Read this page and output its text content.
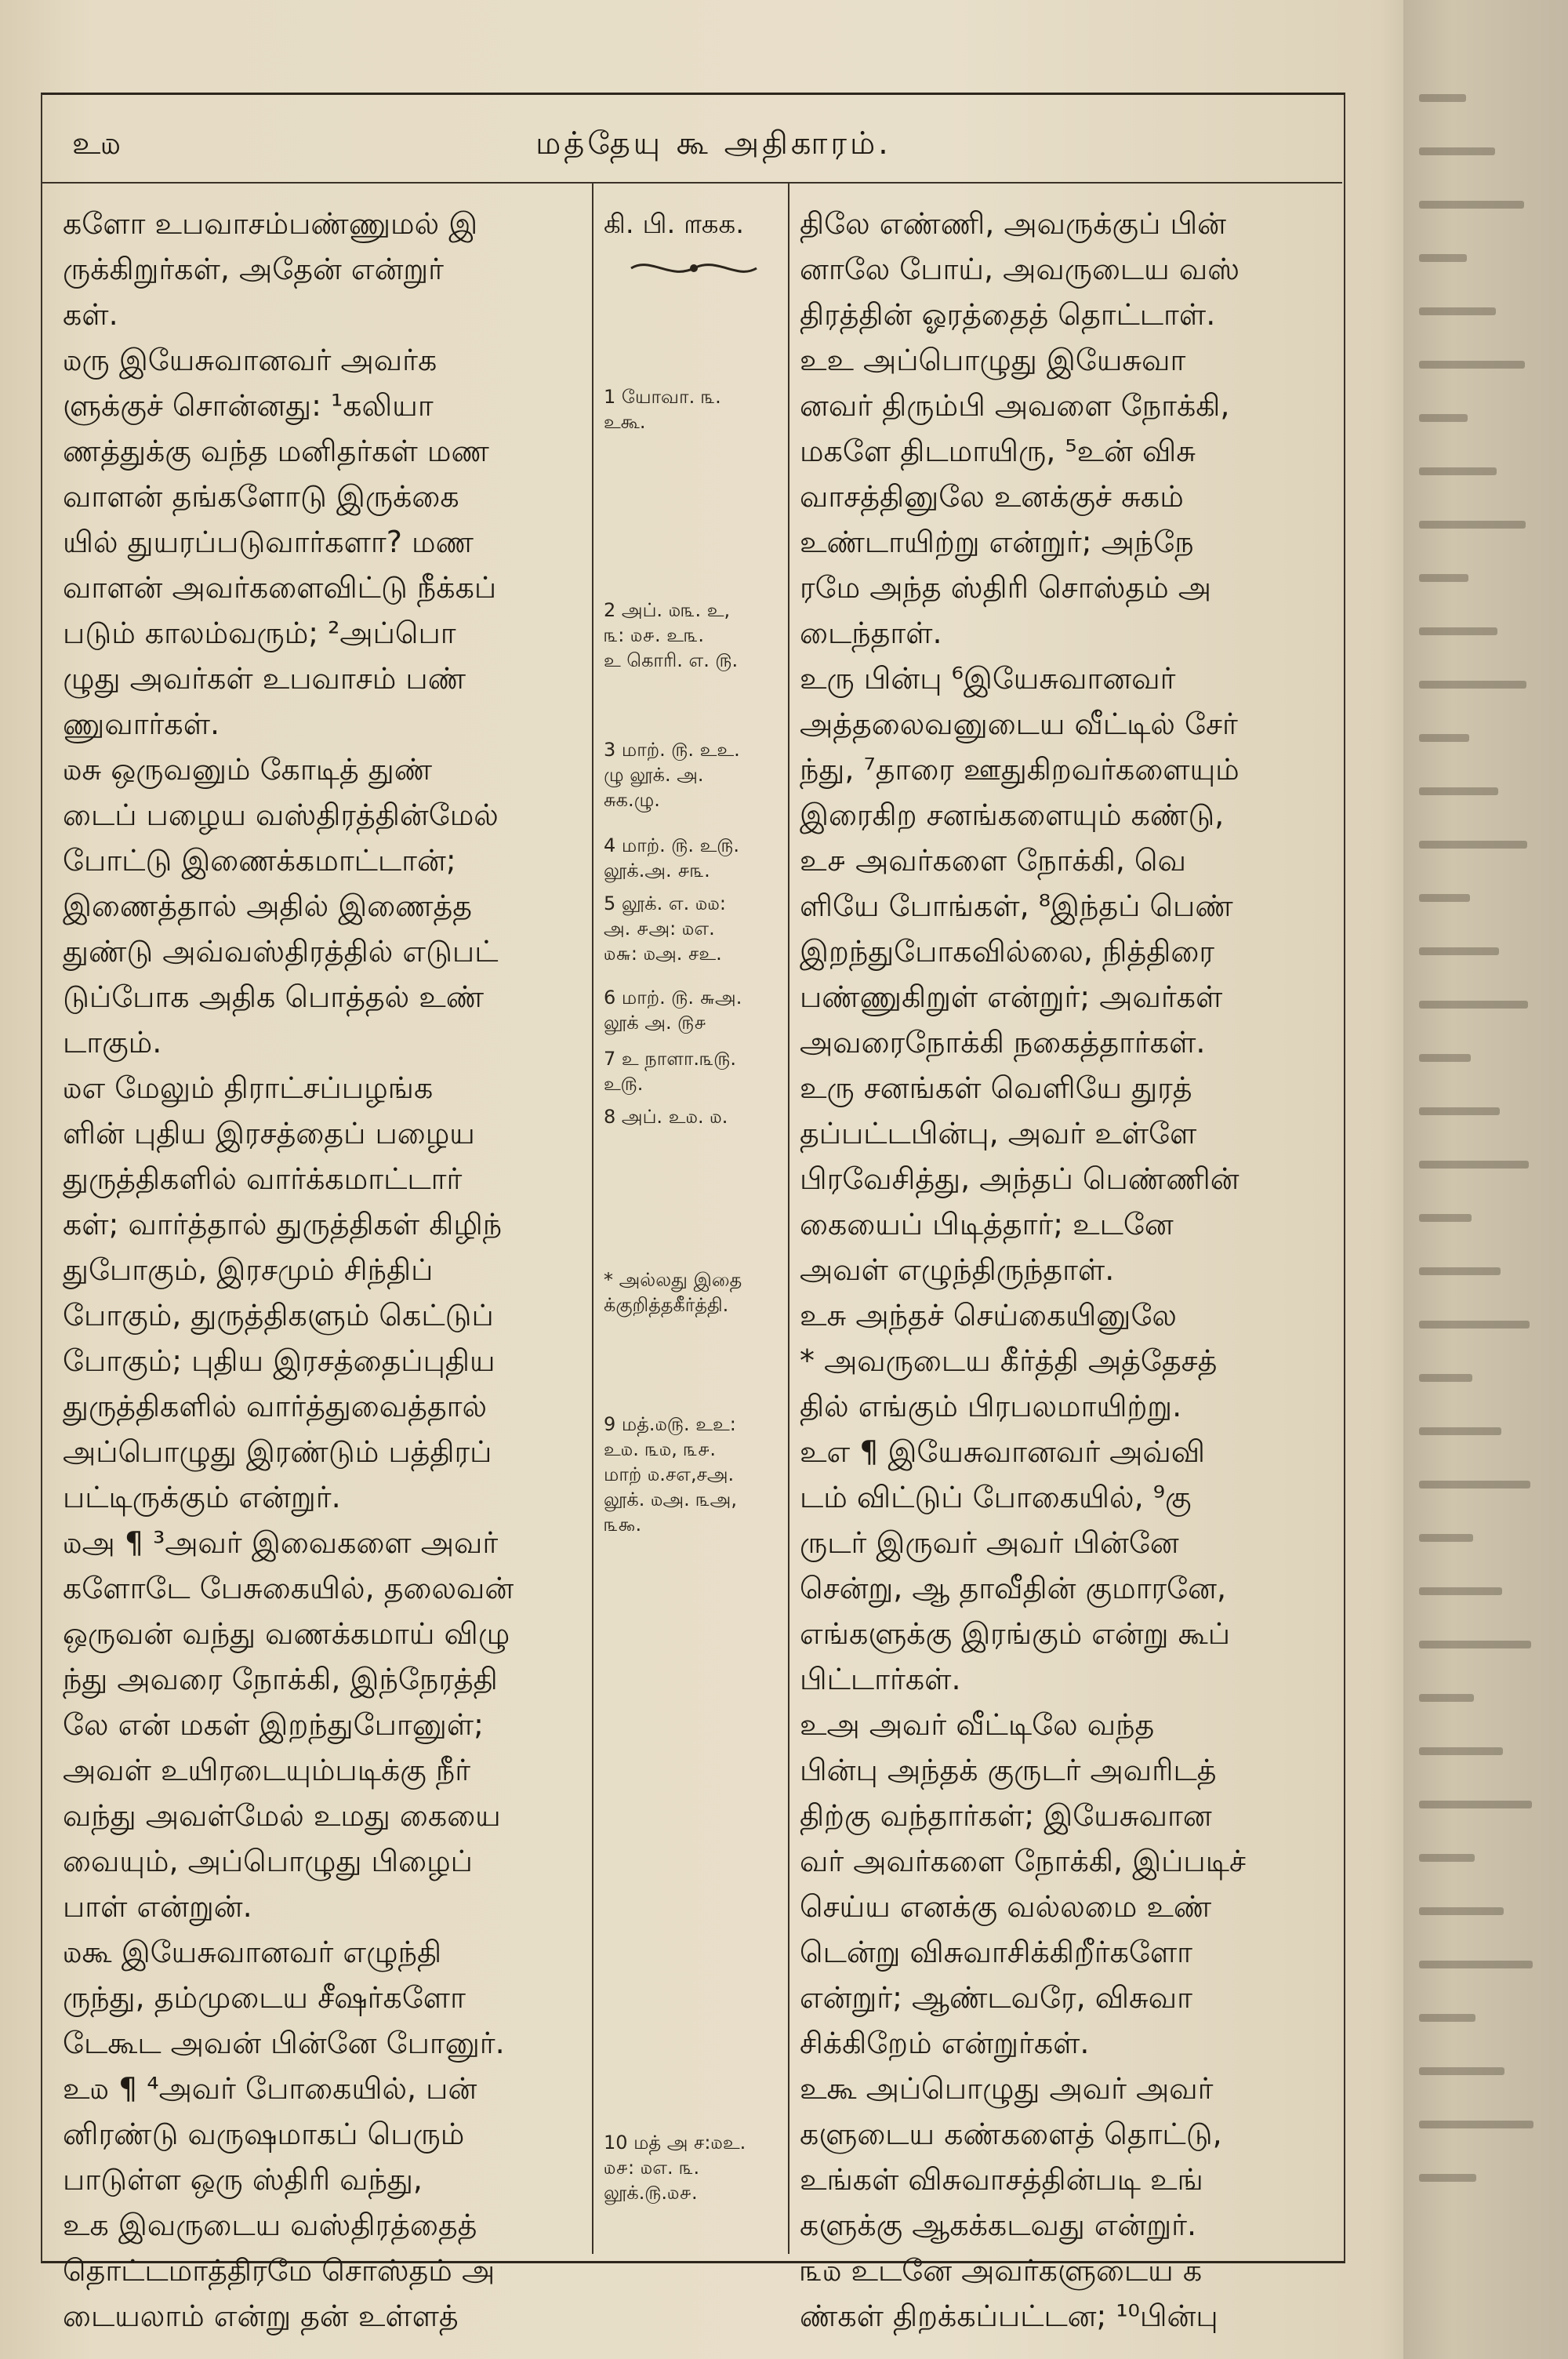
உ௰	மத்தேயு கூ அதிகாரம்.
களோ உபவாசம்பண்ணுமல் இ
ருக்கிறுர்கள், அதேன் என்றுர்
கள்.
௰ரு இயேசுவானவர் அவர்க
ளுக்குச் சொன்னது: ¹கலியா
ணத்துக்கு வந்த மனிதர்கள் மண
வாளன் தங்களோடு இருக்கை
யில் துயரப்படுவார்களா? மண
வாளன் அவர்களைவிட்டு நீக்கப்
படும் காலம்வரும்; ²அப்பொ
ழுது அவர்கள் உபவாசம் பண்
ணுவார்கள்.
௰சு ஒருவனும் கோடித் துண்
டைப் பழைய வஸ்திரத்தின்மேல்
போட்டு இணைக்கமாட்டான்;
இணைத்தால் அதில் இணைத்த
துண்டு அவ்வஸ்திரத்தில் எடுபட்
டுப்போக அதிக பொத்தல் உண்
டாகும்.
௰எ மேலும் திராட்சப்பழங்க
ளின் புதிய இரசத்தைப் பழைய
துருத்திகளில் வார்க்கமாட்டார்
கள்; வார்த்தால் துருத்திகள் கிழிந்
துபோகும், இரசமும் சிந்திப்
போகும், துருத்திகளும் கெட்டுப்
போகும்; புதிய இரசத்தைப்புதிய
துருத்திகளில் வார்த்துவைத்தால்
அப்பொழுது இரண்டும் பத்திரப்
பட்டிருக்கும் என்றுர்.
௰அ ¶ ³அவர் இவைகளை அவர்
களோடே பேசுகையில், தலைவன்
ஒருவன் வந்து வணக்கமாய் விழு
ந்து அவரை நோக்கி, இந்நேரத்தி
லே என் மகள் இறந்துபோனுள்;
அவள் உயிரடையும்படிக்கு நீர்
வந்து அவள்மேல் உமது கையை
வையும், அப்பொழுது பிழைப்
பாள் என்றுன்.
௰கூ இயேசுவானவர் எழுந்தி
ருந்து, தம்முடைய சீஷர்களோ
டேகூட அவன் பின்னே போனுர்.
உ௰ ¶ ⁴அவர் போகையில், பன்
னிரண்டு வருஷமாகப் பெரும்
பாடுள்ள ஒரு ஸ்திரி வந்து,
உக இவருடைய வஸ்திரத்தைத்
தொட்டமாத்திரமே சொஸ்தம் அ
டையலாம் என்று தன் உள்ளத்
கி. பி. ௱கக.
1 யோவா. ௩.
உகூ.
2 அப். ௰௩. உ,
௩: ௰௪. உ௩.
உ கொரி. எ. ௫.
3 மாற். ௫. உஉ.
ழு லூக். அ.
சுக.ழு.
4 மாற். ௫. உ௫.
லூக்.அ. ௪௩.
5 லூக். எ. ௰௰:
அ. ௪அ: ௰எ.
௰௬: ௰அ. சஉ.
6 மாற். ௫. ௬அ.
லூக் அ. ௫௪
7 உ நாளா.௩௫.
உ௫.
8 அப். உ௰. ௰.
* அல்லது இதை
க்குறித்தகீர்த்தி.
9 மத்.௰௫. உஉ:
உ௰. ௩௰, ௩௪.
மாற் ௰.சஎ,சஅ.
லூக். ௰அ. ௩அ,
௩௯.
10 மத் அ ச:௰உ.
௰௪: ௰எ. ௩.
லூக்.௫.௰௪.
திலே எண்ணி, அவருக்குப் பின்
னாலே போய், அவருடைய வஸ்
திரத்தின் ஓரத்தைத் தொட்டாள்.
உஉ அப்பொழுது இயேசுவா
னவர் திரும்பி அவளை நோக்கி,
மகளே திடமாயிரு, ⁵உன் விசு
வாசத்தினுலே உனக்குச் சுகம்
உண்டாயிற்று என்றுர்; அந்நே
ரமே அந்த ஸ்திரி சொஸ்தம் அ
டைந்தாள்.
உரு பின்பு ⁶இயேசுவானவர்
அத்தலைவனுடைய வீட்டில் சேர்
ந்து, ⁷தாரை ஊதுகிறவர்களையும்
இரைகிற சனங்களையும் கண்டு,
உ௪ அவர்களை நோக்கி, வெ
ளியே போங்கள், ⁸இந்தப் பெண்
இறந்துபோகவில்லை, நித்திரை
பண்ணுகிறுள் என்றுர்; அவர்கள்
அவரைநோக்கி நகைத்தார்கள்.
உரு சனங்கள் வெளியே துரத்
தப்பட்டபின்பு, அவர் உள்ளே
பிரவேசித்து, அந்தப் பெண்ணின்
கையைப் பிடித்தார்; உடனே
அவள் எழுந்திருந்தாள்.
உசு அந்தச் செய்கையினுலே
* அவருடைய கீர்த்தி அத்தேசத்
தில் எங்கும் பிரபலமாயிற்று.
உஎ ¶ இயேசுவானவர் அவ்வி
டம் விட்டுப் போகையில், ⁹கு
ருடர் இருவர் அவர் பின்னே
சென்று, ஆ தாவீதின் குமாரனே,
எங்களுக்கு இரங்கும் என்று கூப்
பிட்டார்கள்.
உஅ அவர் வீட்டிலே வந்த
பின்பு அந்தக் குருடர் அவரிடத்
திற்கு வந்தார்கள்; இயேசுவான
வர் அவர்களை நோக்கி, இப்படிச்
செய்ய எனக்கு வல்லமை உண்
டென்று விசுவாசிக்கிறீர்களோ
என்றுர்; ஆண்டவரே, விசுவா
சிக்கிறேம் என்றுர்கள்.
உகூ அப்பொழுது அவர் அவர்
களுடைய கண்களைத் தொட்டு,
உங்கள் விசுவாசத்தின்படி உங்
களுக்கு ஆகக்கடவது என்றுர்.
௩௰ உடனே அவர்களுடைய க
ண்கள் திறக்கப்பட்டன; ¹⁰பின்பு
